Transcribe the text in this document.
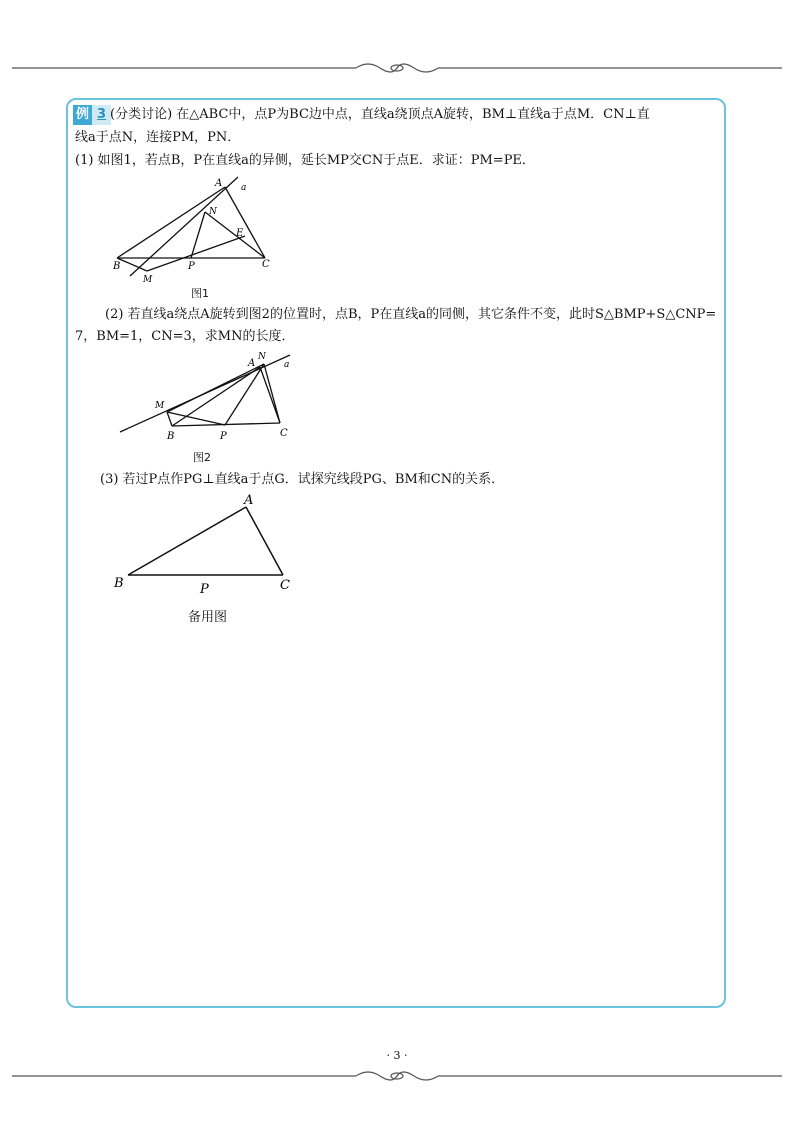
例 3 (分类讨论) 在△ABC中，点P为BC边中点，直线a绕顶点A旋转，BM⊥直线a于点M．CN⊥直
线a于点N，连接PM，PN．
(1) 如图1，若点B，P在直线a的异侧，延长MP交CN于点E．求证：PM=PE．
A a
N
E
B	P	C
M
图1
(2) 若直线a绕点A旋转到图2的位置时，点B，P在直线a的同侧，其它条件不变，此时S△BMP+S△CNP=
7，BM=1，CN=3，求MN的长度．
A
N
a
M
B	P	C
图2
(3) 若过P点作PG⊥直线a于点G．试探究线段PG、BM和CN的关系．
A
B	P	C
备用图
· 3 ·
